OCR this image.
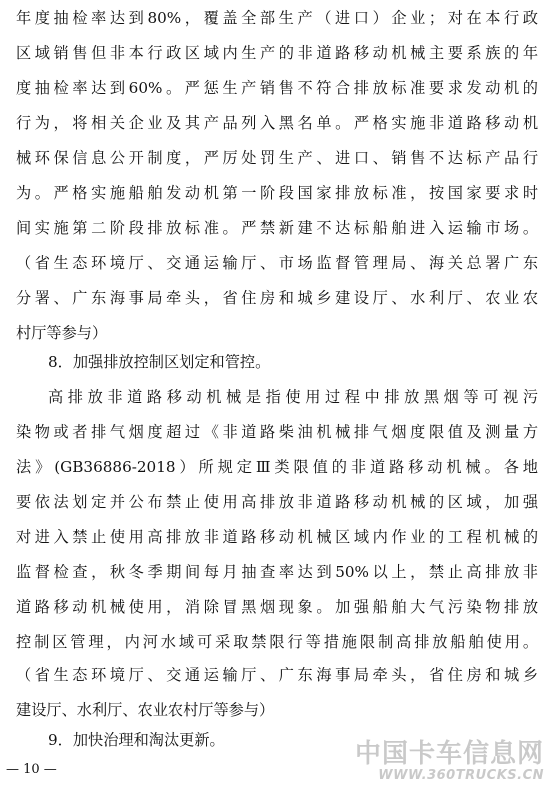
年度抽检率达到80%，覆盖全部生产（进口）企业；对在本行政
区域销售但非本行政区域内生产的非道路移动机械主要系族的年
度抽检率达到60%。严惩生产销售不符合排放标准要求发动机的
行为，将相关企业及其产品列入黑名单。严格实施非道路移动机
械环保信息公开制度，严厉处罚生产、进口、销售不达标产品行
为。严格实施船舶发动机第一阶段国家排放标准，按国家要求时
间实施第二阶段排放标准。严禁新建不达标船舶进入运输市场。
（省生态环境厅、交通运输厅、市场监督管理局、海关总署广东
分署、广东海事局牵头，省住房和城乡建设厅、水利厅、农业农
村厅等参与）
8．加强排放控制区划定和管控。
高排放非道路移动机械是指使用过程中排放黑烟等可视污
染物或者排气烟度超过《非道路柴油机械排气烟度限值及测量方
法》(GB36886-2018）所规定Ⅲ类限值的非道路移动机械。各地
要依法划定并公布禁止使用高排放非道路移动机械的区域，加强
对进入禁止使用高排放非道路移动机械区域内作业的工程机械的
监督检查，秋冬季期间每月抽查率达到50%以上，禁止高排放非
道路移动机械使用，消除冒黑烟现象。加强船舶大气污染物排放
控制区管理，内河水域可采取禁限行等措施限制高排放船舶使用。
（省生态环境厅、交通运输厅、广东海事局牵头，省住房和城乡
建设厅、水利厅、农业农村厅等参与）
9．加快治理和淘汰更新。
— 10 —
中国卡车信息网
WWW.360TRUCKS.CN
